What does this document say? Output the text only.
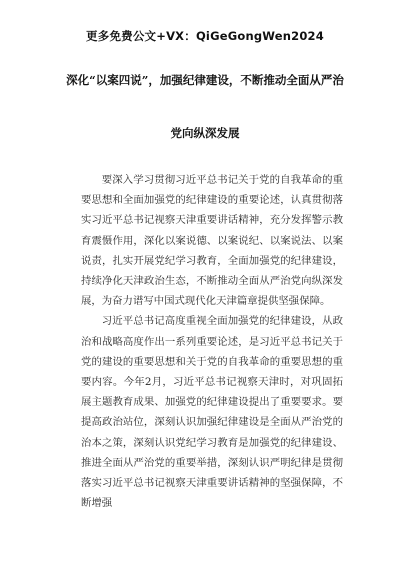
更多免费公文+VX：QiGeGongWen2024
深化“以案四说”，加强纪律建设，不断推动全面从严治
党向纵深发展

要深入学习贯彻习近平总书记关于党的自我革命的重要思想和全面加强党的纪律建设的重要论述，认真贯彻落实习近平总书记视察天津重要讲话精神，充分发挥警示教育震慑作用，深化以案说德、以案说纪、以案说法、以案说责，扎实开展党纪学习教育，全面加强党的纪律建设，持续净化天津政治生态，不断推动全面从严治党向纵深发展，为奋力谱写中国式现代化天津篇章提供坚强保障。

习近平总书记高度重视全面加强党的纪律建设，从政治和战略高度作出一系列重要论述，是习近平总书记关于党的建设的重要思想和关于党的自我革命的重要思想的重要内容。今年2月，习近平总书记视察天津时，对巩固拓展主题教育成果、加强党的纪律建设提出了重要要求。要提高政治站位，深刻认识加强纪律建设是全面从严治党的治本之策，深刻认识党纪学习教育是加强党的纪律建设、推进全面从严治党的重要举措，深刻认识严明纪律是贯彻落实习近平总书记视察天津重要讲话精神的坚强保障，不断增强
